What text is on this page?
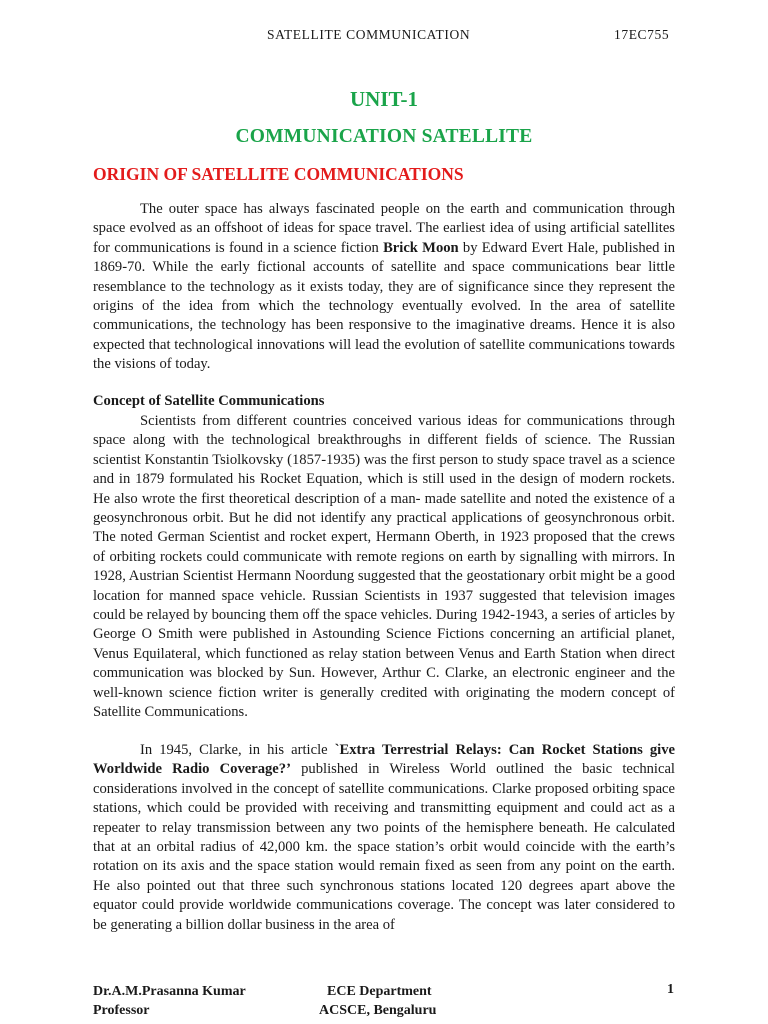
SATELLITE COMMUNICATION	17EC755
UNIT-1
COMMUNICATION SATELLITE
ORIGIN OF SATELLITE COMMUNICATIONS

The outer space has always fascinated people on the earth and communication through space evolved as an offshoot of ideas for space travel. The earliest idea of using artificial satellites for communications is found in a science fiction Brick Moon by Edward Evert Hale, published in 1869-70. While the early fictional accounts of satellite and space communications bear little resemblance to the technology as it exists today, they are of significance since they represent the origins of the idea from which the technology eventually evolved. In the area of satellite communications, the technology has been responsive to the imaginative dreams. Hence it is also expected that technological innovations will lead the evolution of satellite communications towards the visions of today.

Concept of Satellite Communications

Scientists from different countries conceived various ideas for communications through space along with the technological breakthroughs in different fields of science. The Russian scientist Konstantin Tsiolkovsky (1857-1935) was the first person to study space travel as a science and in 1879 formulated his Rocket Equation, which is still used in the design of modern rockets. He also wrote the first theoretical description of a man- made satellite and noted the existence of a geosynchronous orbit. But he did not identify any practical applications of geosynchronous orbit. The noted German Scientist and rocket expert, Hermann Oberth, in 1923 proposed that the crews of orbiting rockets could communicate with remote regions on earth by signalling with mirrors. In 1928, Austrian Scientist Hermann Noordung suggested that the geostationary orbit might be a good location for manned space vehicle. Russian Scientists in 1937 suggested that television images could be relayed by bouncing them off the space vehicles. During 1942-1943, a series of articles by George O Smith were published in Astounding Science Fictions concerning an artificial planet, Venus Equilateral, which functioned as relay station between Venus and Earth Station when direct communication was blocked by Sun. However, Arthur C. Clarke, an electronic engineer and the well-known science fiction writer is generally credited with originating the modern concept of Satellite Communications.

In 1945, Clarke, in his article `Extra Terrestrial Relays: Can Rocket Stations give Worldwide Radio Coverage?’ published in Wireless World outlined the basic technical considerations involved in the concept of satellite communications. Clarke proposed orbiting space stations, which could be provided with receiving and transmitting equipment and could act as a repeater to relay transmission between any two points of the hemisphere beneath. He calculated that at an orbital radius of 42,000 km. the space station’s orbit would coincide with the earth’s rotation on its axis and the space station would remain fixed as seen from any point on the earth. He also pointed out that three such synchronous stations located 120 degrees apart above the equator could provide worldwide communications coverage. The concept was later considered to be generating a billion dollar business in the area of

Dr.A.M.Prasanna Kumar
Professor
ECE Department
ACSCE, Bengaluru
1
